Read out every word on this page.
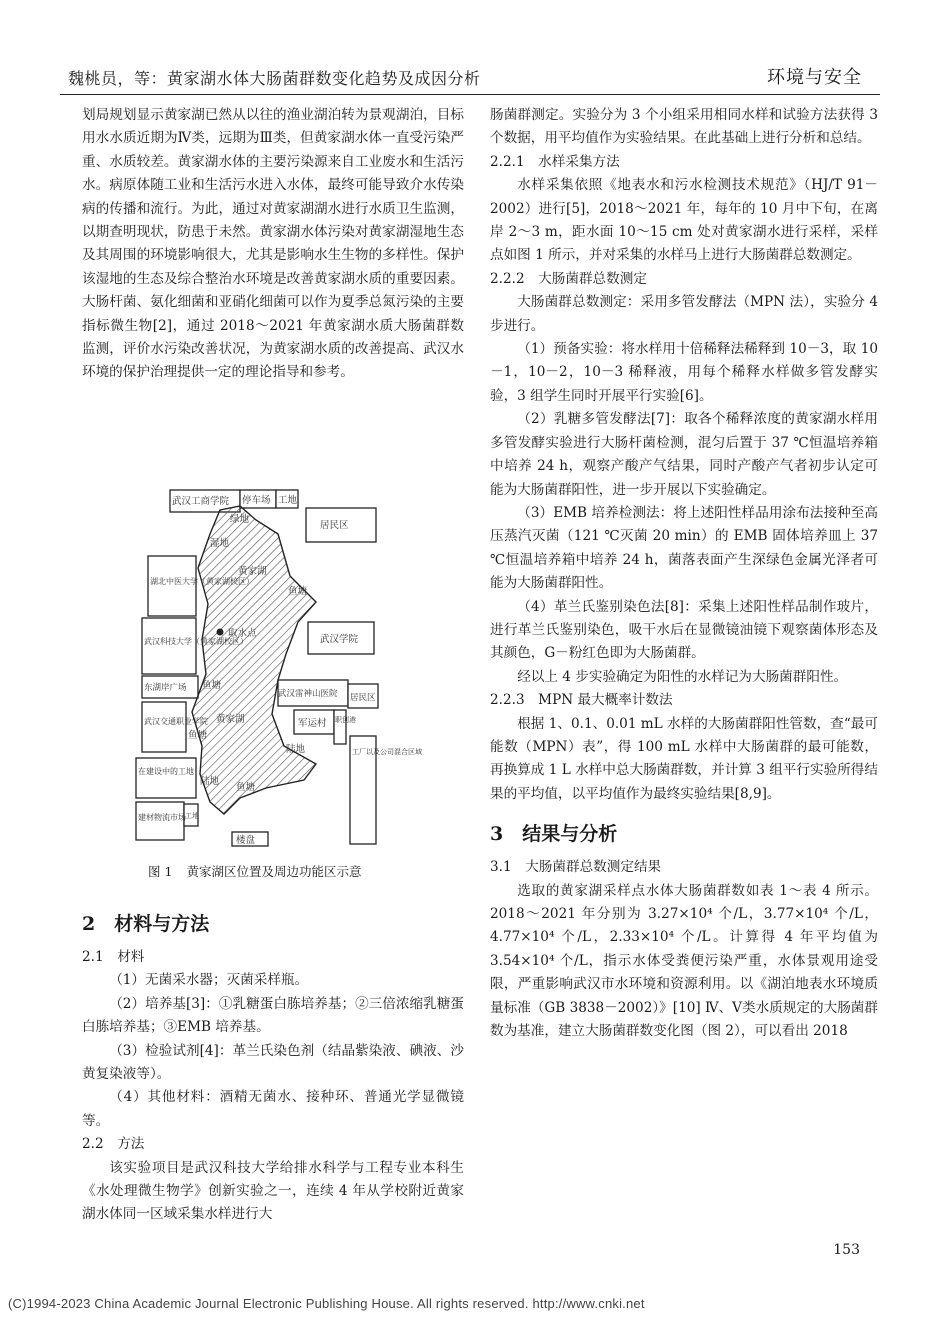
魏桃员，等：黄家湖水体大肠菌群数变化趋势及成因分析	环境与安全

划局规划显示黄家湖已然从以往的渔业湖泊转为景观湖泊，目标用水水质近期为Ⅳ类，远期为Ⅲ类，但黄家湖水体一直受污染严重、水质较差。黄家湖水体的主要污染源来自工业废水和生活污水。病原体随工业和生活污水进入水体，最终可能导致介水传染病的传播和流行。为此，通过对黄家湖湖水进行水质卫生监测，以期查明现状，防患于未然。黄家湖水体污染对黄家湖湿地生态及其周围的环境影响很大，尤其是影响水生生物的多样性。保护该湿地的生态及综合整治水环境是改善黄家湖水质的重要因素。大肠杆菌、氨化细菌和亚硝化细菌可以作为夏季总氮污染的主要指标微生物[2]，通过 2018～2021 年黄家湖水质大肠菌群数监测，评价水污染改善状况，为黄家湖水质的改善提高、武汉水环境的保护治理提供一定的理论指导和参考。

武汉工商学院 停车场 工地
绿地
居民区
湿地
黄家湖
湖北中医大学（黄家湖校区）
鱼塘
武汉科技大学（黄家湖校区）
取水点
武汉学院
东湖岸广场 鱼塘
武汉雷神山医院 居民区
武汉交通职业学院 黄家湖
鱼塘
军运村 职创港
陆地
在建设中的工地
陆地
鱼塘
工厂以及公司混合区域
建材物流市场 工地
楼盘
图 1 黄家湖区位置及周边功能区示意

2　材料与方法

2.1　材料

（1）无菌采水器；灭菌采样瓶。

（2）培养基[3]：①乳糖蛋白胨培养基；②三倍浓缩乳糖蛋白胨培养基；③EMB 培养基。

（3）检验试剂[4]：革兰氏染色剂（结晶紫染液、碘液、沙黄复染液等）。

（4）其他材料：酒精无菌水、接种环、普通光学显微镜等。

2.2　方法

该实验项目是武汉科技大学给排水科学与工程专业本科生《水处理微生物学》创新实验之一，连续 4 年从学校附近黄家湖水体同一区域采集水样进行大

肠菌群测定。实验分为 3 个小组采用相同水样和试验方法获得 3 个数据，用平均值作为实验结果。在此基础上进行分析和总结。

2.2.1　水样采集方法

水样采集依照《地表水和污水检测技术规范》（HJ/T 91－2002）进行[5]，2018～2021 年，每年的 10 月中下旬，在离岸 2～3 m，距水面 10～15 cm 处对黄家湖水进行采样，采样点如图 1 所示，并对采集的水样马上进行大肠菌群总数测定。

2.2.2　大肠菌群总数测定

大肠菌群总数测定：采用多管发酵法（MPN 法），实验分 4 步进行。

（1）预备实验：将水样用十倍稀释法稀释到 10－3，取 10－1，10－2，10－3 稀释液，用每个稀释水样做多管发酵实验，3 组学生同时开展平行实验[6]。

（2）乳糖多管发酵法[7]：取各个稀释浓度的黄家湖水样用多管发酵实验进行大肠杆菌检测，混匀后置于 37 ℃恒温培养箱中培养 24 h，观察产酸产气结果，同时产酸产气者初步认定可能为大肠菌群阳性，进一步开展以下实验确定。

（3）EMB 培养检测法：将上述阳性样品用涂布法接种至高压蒸汽灭菌（121 ℃灭菌 20 min）的 EMB 固体培养皿上 37 ℃恒温培养箱中培养 24 h，菌落表面产生深绿色金属光泽者可能为大肠菌群阳性。

（4）革兰氏鉴别染色法[8]：采集上述阳性样品制作玻片，进行革兰氏鉴别染色，吸干水后在显微镜油镜下观察菌体形态及其颜色，G－粉红色即为大肠菌群。

经以上 4 步实验确定为阳性的水样记为大肠菌群阳性。

2.2.3　MPN 最大概率计数法

根据 1、0.1、0.01 mL 水样的大肠菌群阳性管数，查“最可能数（MPN）表”，得 100 mL 水样中大肠菌群的最可能数，再换算成 1 L 水样中总大肠菌群数，并计算 3 组平行实验所得结果的平均值，以平均值作为最终实验结果[8,9]。

3　结果与分析

3.1　大肠菌群总数测定结果

选取的黄家湖采样点水体大肠菌群数如表 1～表 4 所示。2018～2021 年分别为 3.27×10⁴ 个/L，3.77×10⁴ 个/L，4.77×10⁴ 个/L，2.33×10⁴ 个/L。计算得 4 年平均值为 3.54×10⁴ 个/L，指示水体受粪便污染严重，水体景观用途受限，严重影响武汉市水环境和资源利用。以《湖泊地表水环境质量标准（GB 3838－2002）》[10] Ⅳ、Ⅴ类水质规定的大肠菌群数为基准，建立大肠菌群数变化图（图 2），可以看出 2018

153
(C)1994-2023 China Academic Journal Electronic Publishing House. All rights reserved. http://www.cnki.net
